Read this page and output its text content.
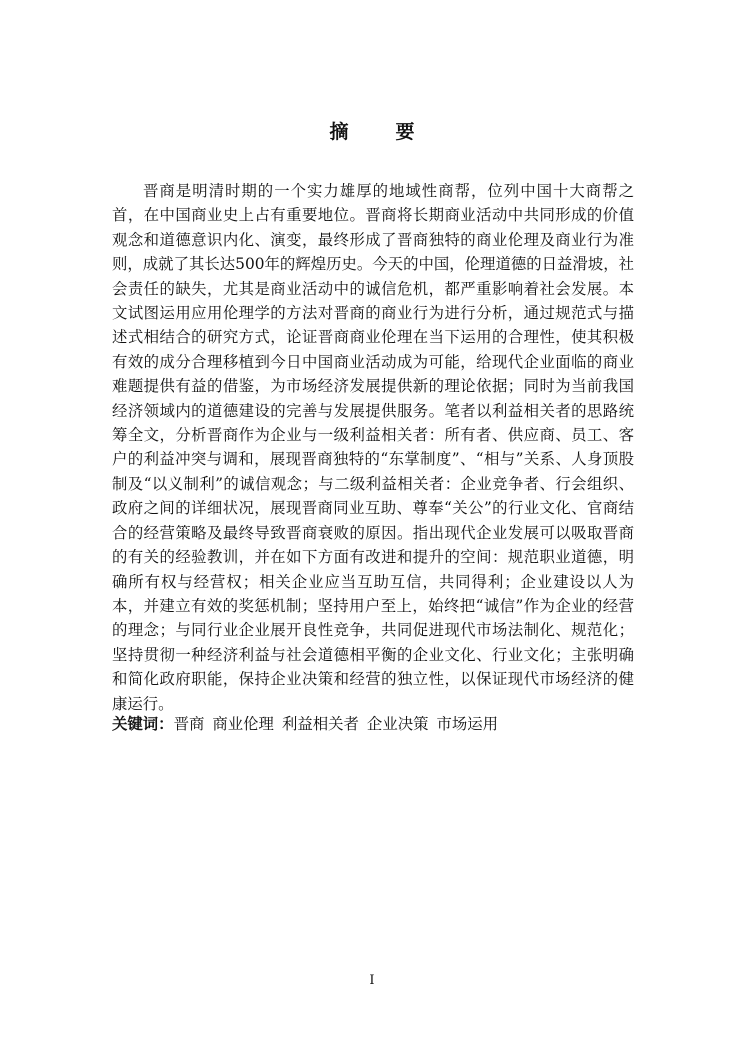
摘　要

晋商是明清时期的一个实力雄厚的地域性商帮，位列中国十大商帮之首，在中国商业史上占有重要地位。晋商将长期商业活动中共同形成的价值观念和道德意识内化、演变，最终形成了晋商独特的商业伦理及商业行为准则，成就了其长达500年的辉煌历史。今天的中国，伦理道德的日益滑坡，社会责任的缺失，尤其是商业活动中的诚信危机，都严重影响着社会发展。本文试图运用应用伦理学的方法对晋商的商业行为进行分析，通过规范式与描述式相结合的研究方式，论证晋商商业伦理在当下运用的合理性，使其积极有效的成分合理移植到今日中国商业活动成为可能，给现代企业面临的商业难题提供有益的借鉴，为市场经济发展提供新的理论依据；同时为当前我国经济领域内的道德建设的完善与发展提供服务。笔者以利益相关者的思路统筹全文，分析晋商作为企业与一级利益相关者：所有者、供应商、员工、客户的利益冲突与调和，展现晋商独特的“东掌制度”、“相与”关系、人身顶股制及“以义制利”的诚信观念；与二级利益相关者：企业竞争者、行会组织、政府之间的详细状况，展现晋商同业互助、尊奉“关公”的行业文化、官商结合的经营策略及最终导致晋商衰败的原因。指出现代企业发展可以吸取晋商的有关的经验教训，并在如下方面有改进和提升的空间：规范职业道德，明确所有权与经营权；相关企业应当互助互信，共同得利；企业建设以人为本，并建立有效的奖惩机制；坚持用户至上，始终把“诚信”作为企业的经营的理念；与同行业企业展开良性竞争，共同促进现代市场法制化、规范化；坚持贯彻一种经济利益与社会道德相平衡的企业文化、行业文化；主张明确和简化政府职能，保持企业决策和经营的独立性，以保证现代市场经济的健康运行。

关键词：晋商 商业伦理 利益相关者 企业决策 市场运用
I
